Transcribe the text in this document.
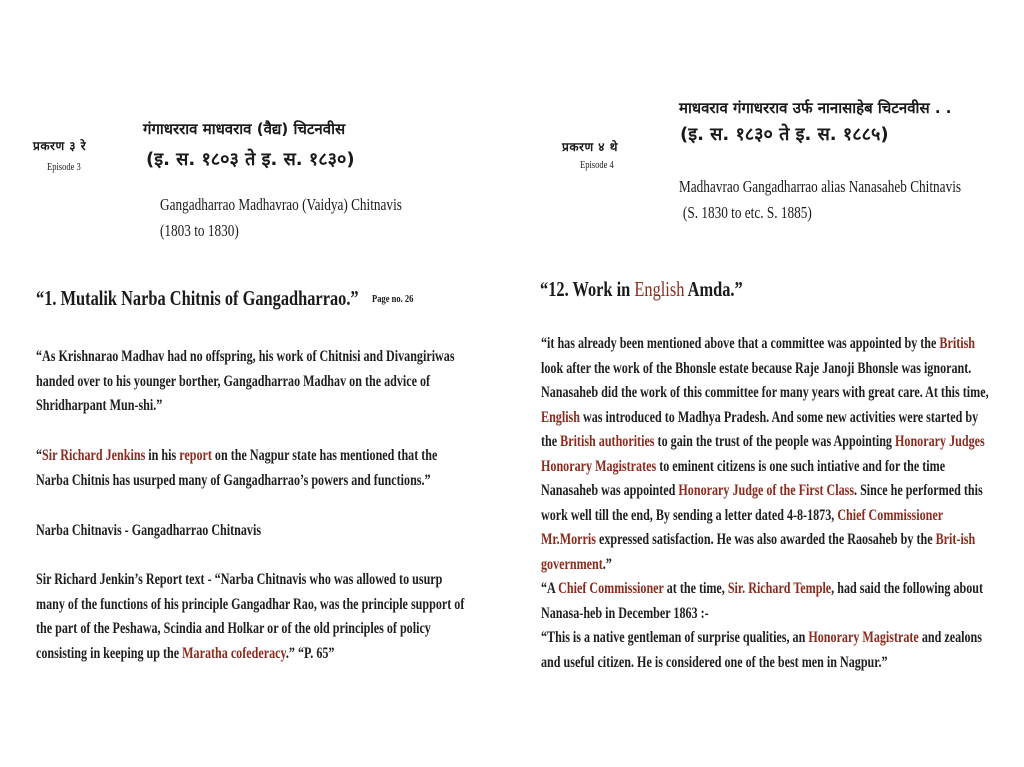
प्रकरण ३ रे
Episode 3
गंगाधरराव माधवराव (वैद्य) चिटनवीस
(इ. स. १८०३ ते इ. स. १८३०)
Gangadharrao Madhavrao (Vaidya) Chitnavis
(1803 to 1830)
“1. Mutalik Narba Chitnis of Gangadharrao.” Page no. 26
“As Krishnarao Madhav had no offspring, his work of Chitnisi and Divangiriwas handed over to his younger borther, Gangadharrao Madhav on the advice of Shridharpant Mun-shi.”
“Sir Richard Jenkins in his report on the Nagpur state has mentioned that the Narba Chitnis has usurped many of Gangadharrao’s powers and functions.”
Narba Chitnavis - Gangadharrao Chitnavis
Sir Richard Jenkin’s Report text - “Narba Chitnavis who was allowed to usurp many of the functions of his principle Gangadhar Rao, was the principle support of the part of the Peshawa, Scindia and Holkar or of the old principles of policy consisting in keeping up the Maratha cofederacy.” “P. 65”
प्रकरण ४ थे
Episode 4
माधवराव गंगाधरराव उर्फ नानासाहेब चिटनवीस . .
(इ. स. १८३० ते इ. स. १८८५)
Madhavrao Gangadharrao alias Nanasaheb Chitnavis
(S. 1830 to etc. S. 1885)
“12. Work in English Amda.”
“it has already been mentioned above that a committee was appointed by the British look after the work of the Bhonsle estate because Raje Janoji Bhonsle was ignorant. Nanasaheb did the work of this committee for many years with great care. At this time, English was introduced to Madhya Pradesh. And some new activities were started by the British authorities to gain the trust of the people was Appointing Honorary Judges Honorary Magistrates to eminent citizens is one such intiative and for the time Nanasaheb was appointed Honorary Judge of the First Class. Since he performed this work well till the end, By sending a letter dated 4-8-1873, Chief Commissioner Mr.Morris expressed satisfaction. He was also awarded the Raosaheb by the Brit-ish government.”
“A Chief Commissioner at the time, Sir. Richard Temple, had said the following about Nanasa-heb in December 1863 :-
“This is a native gentleman of surprise qualities, an Honorary Magistrate and zealons and useful citizen. He is considered one of the best men in Nagpur.”
